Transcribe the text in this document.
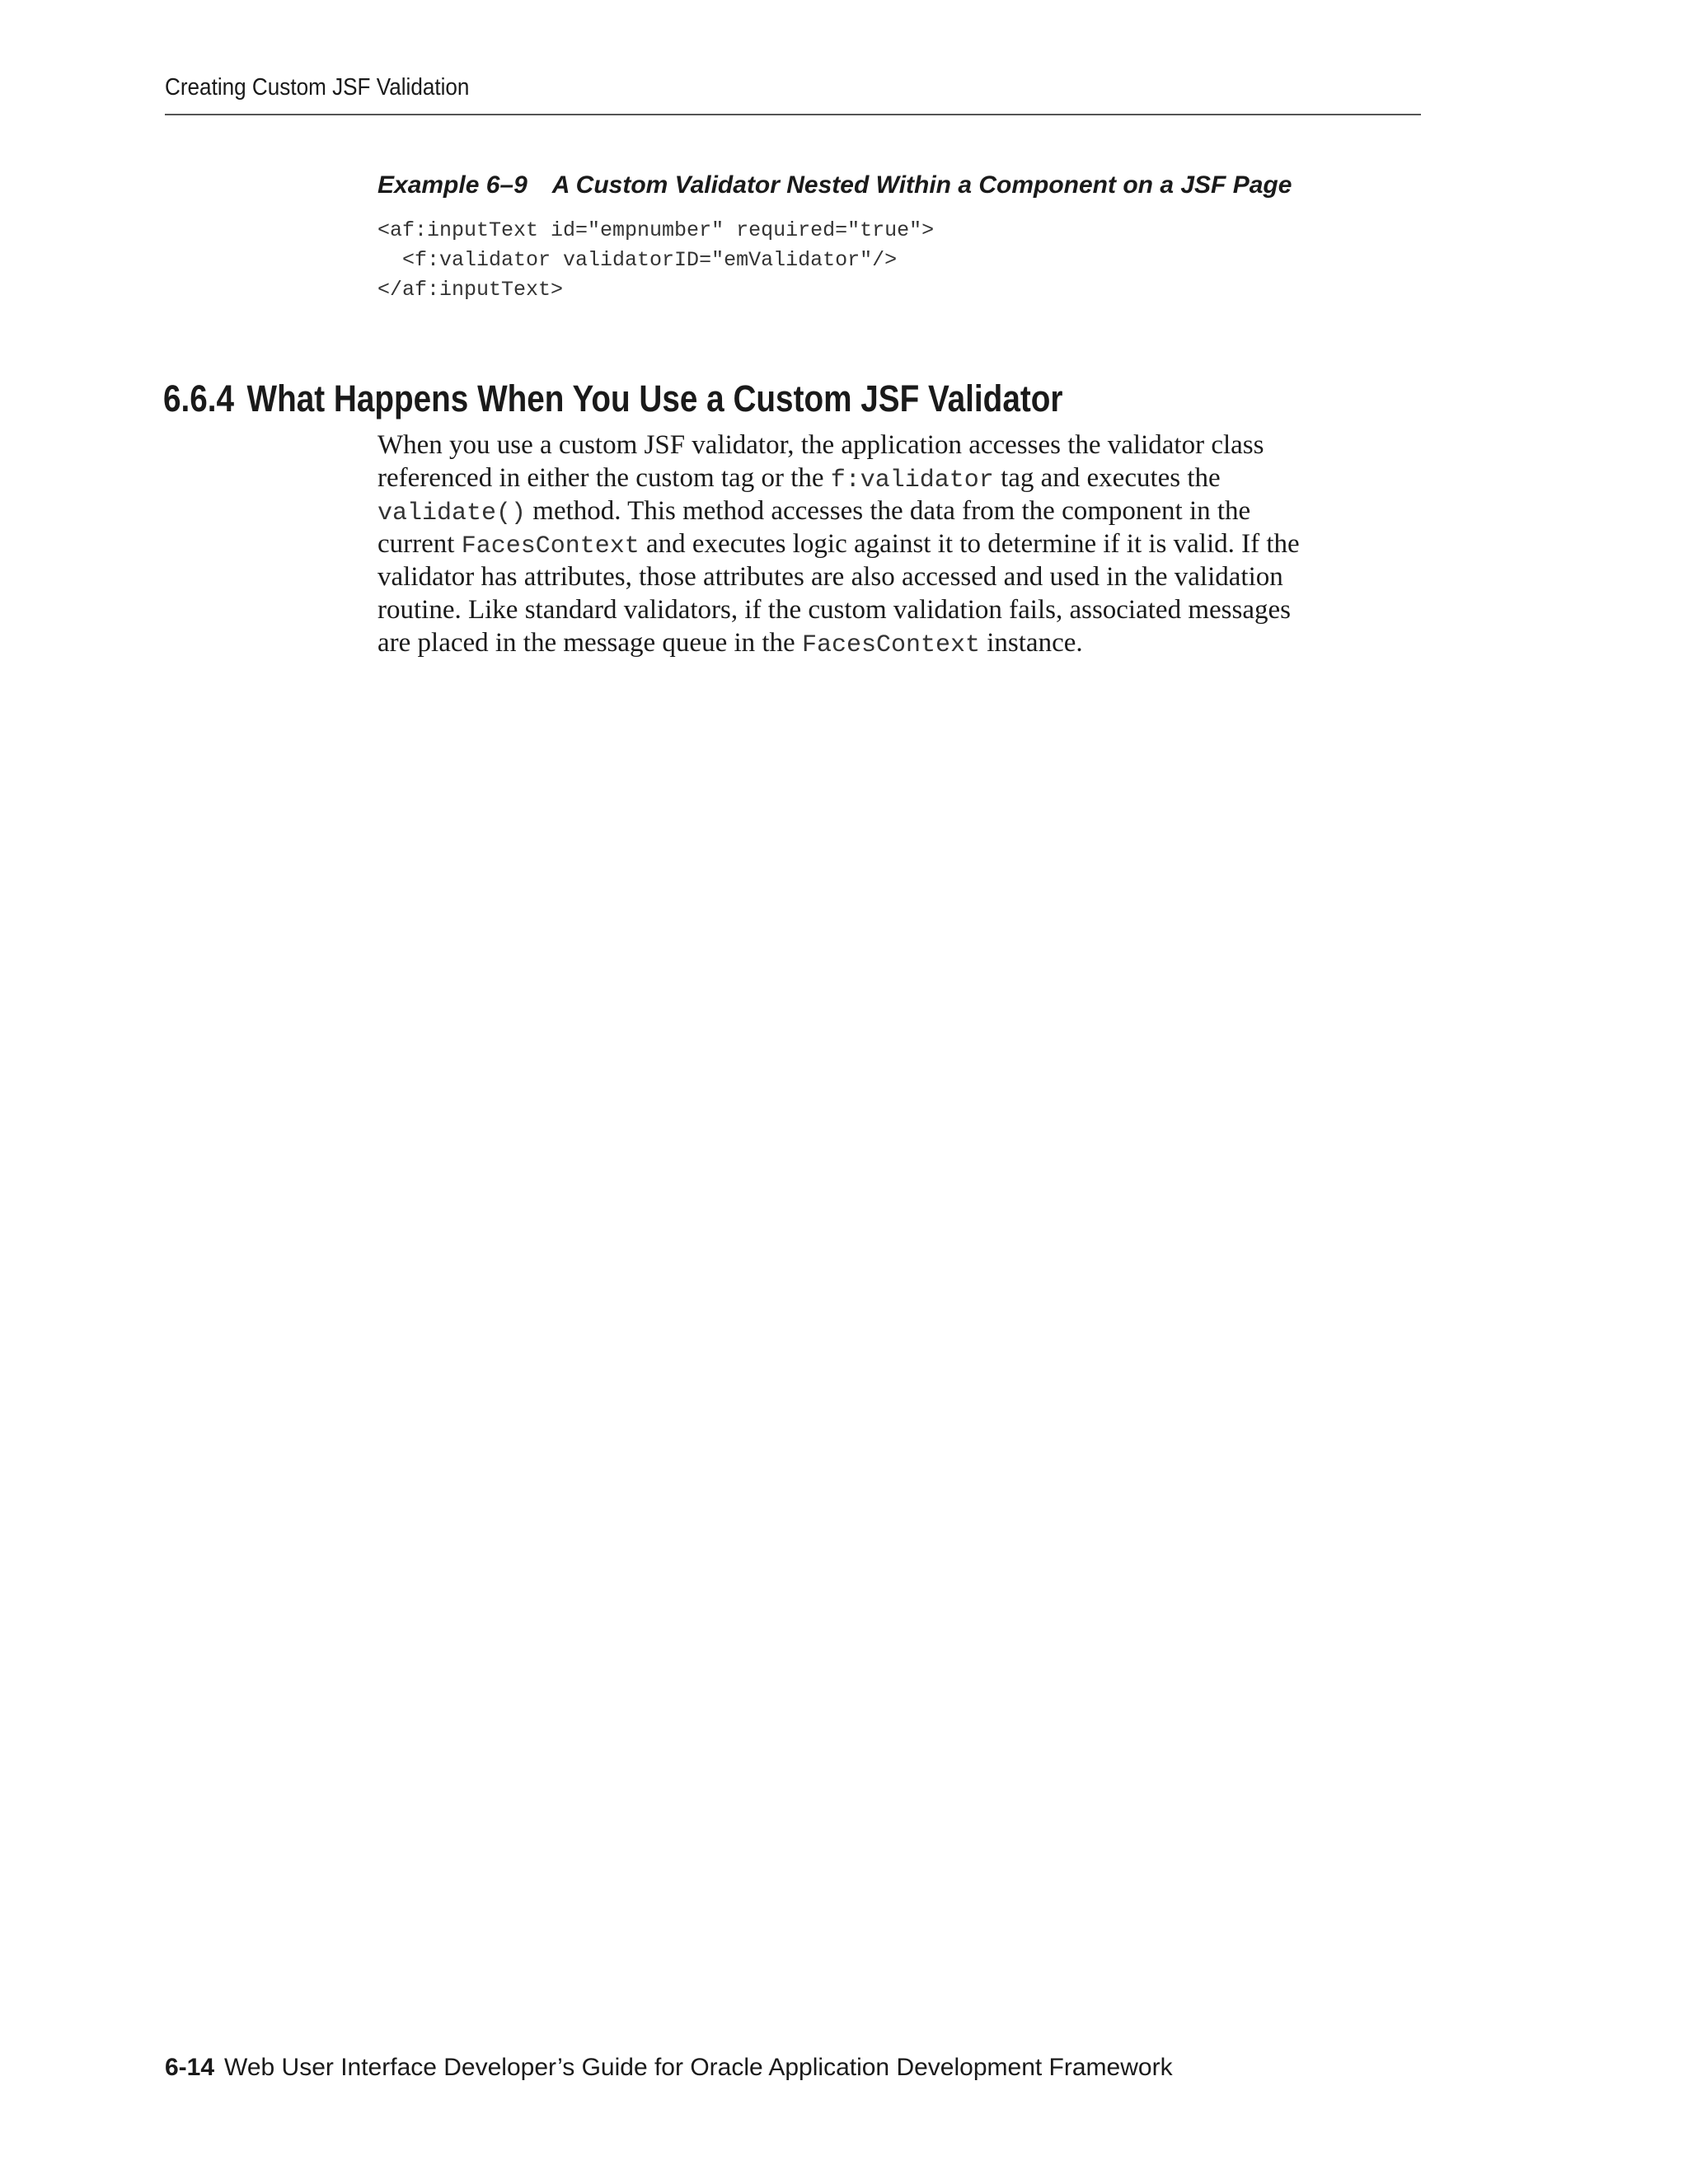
Creating Custom JSF Validation
Example 6–9 A Custom Validator Nested Within a Component on a JSF Page
<af:inputText id="empnumber" required="true">
<f:validator validatorID="emValidator"/>
</af:inputText>
6.6.4 What Happens When You Use a Custom JSF Validator
When you use a custom JSF validator, the application accesses the validator class
referenced in either the custom tag or the f:validator tag and executes the
validate() method. This method accesses the data from the component in the
current FacesContext and executes logic against it to determine if it is valid. If the
validator has attributes, those attributes are also accessed and used in the validation
routine. Like standard validators, if the custom validation fails, associated messages
are placed in the message queue in the FacesContext instance.
6-14 Web User Interface Developer’s Guide for Oracle Application Development Framework
